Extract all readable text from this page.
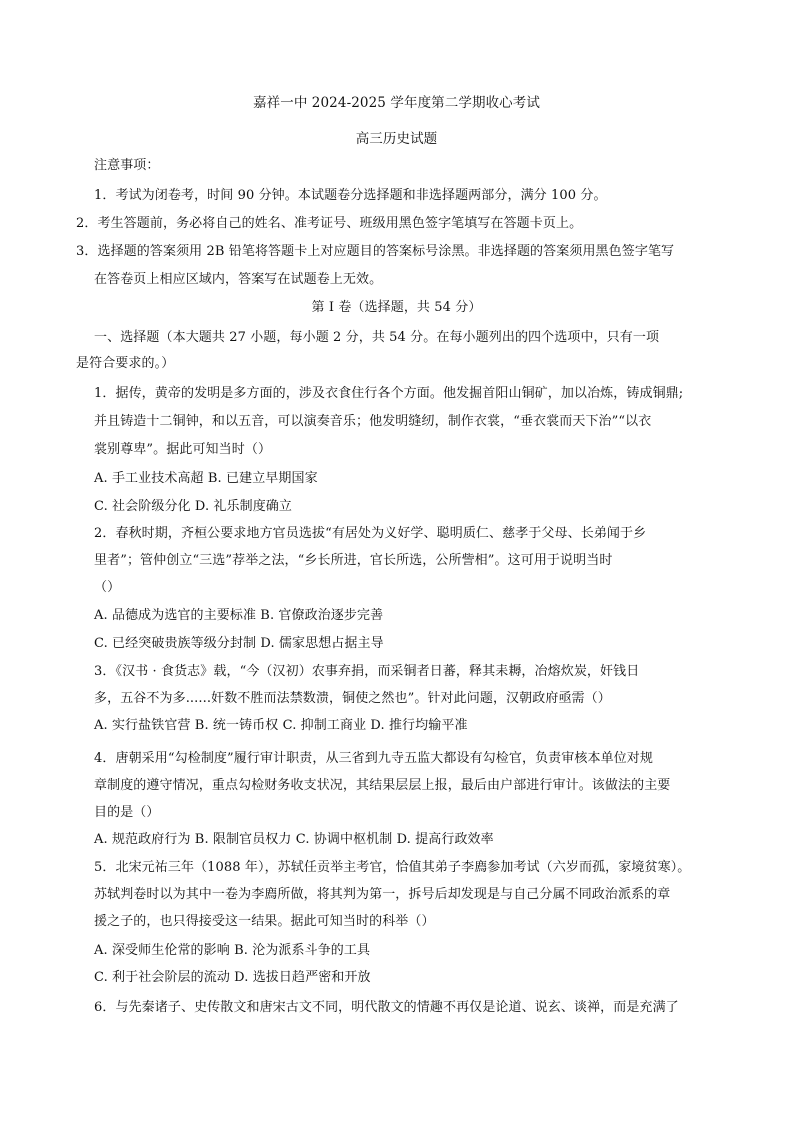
嘉祥一中 2024-2025 学年度第二学期收心考试
高三历史试题
注意事项：
1．考试为闭卷考，时间 90 分钟。本试题卷分选择题和非选择题两部分，满分 100 分。
2．考生答题前，务必将自己的姓名、准考证号、班级用黑色签字笔填写在答题卡页上。
3．选择题的答案须用 2B 铅笔将答题卡上对应题目的答案标号涂黑。非选择题的答案须用黑色签字笔写
在答卷页上相应区域内，答案写在试题卷上无效。
第 I 卷（选择题，共 54 分）
一、选择题（本大题共 27 小题，每小题 2 分，共 54 分。在每小题列出的四个选项中，只有一项
是符合要求的。）
1．据传，黄帝的发明是多方面的，涉及衣食住行各个方面。他发掘首阳山铜矿，加以冶炼，铸成铜鼎;
并且铸造十二铜钟，和以五音，可以演奏音乐；他发明缝纫，制作衣裳，“垂衣裳而天下治”“以衣
裳别尊卑”。据此可知当时（）
A. 手工业技术高超 B. 已建立早期国家
C. 社会阶级分化 D. 礼乐制度确立
2．春秋时期，齐桓公要求地方官员选拔“有居处为义好学、聪明质仁、慈孝于父母、长弟闻于乡
里者”；管仲创立“三选”荐举之法，“乡长所进，官长所选，公所訾相”。这可用于说明当时
（）
A. 品德成为选官的主要标准 B. 官僚政治逐步完善
C. 已经突破贵族等级分封制 D. 儒家思想占据主导
3．《汉书 · 食货志》载，“今（汉初）农事弃捐，而采铜者日蕃，释其耒耨，冶熔炊炭，奸钱日
多，五谷不为多......奸数不胜而法禁数溃，铜使之然也”。针对此问题，汉朝政府亟需（）
A. 实行盐铁官营 B. 统一铸币权 C. 抑制工商业 D. 推行均输平准
4．唐朝采用“勾检制度”履行审计职责，从三省到九寺五监大都设有勾检官，负责审核本单位对规
章制度的遵守情况，重点勾检财务收支状况，其结果层层上报，最后由户部进行审计。该做法的主要
目的是（）
A. 规范政府行为 B. 限制官员权力 C. 协调中枢机制 D. 提高行政效率
5．北宋元祐三年（1088 年），苏轼任贡举主考官，恰值其弟子李廌参加考试（六岁而孤，家境贫寒）。
苏轼判卷时以为其中一卷为李廌所做，将其判为第一，拆号后却发现是与自己分属不同政治派系的章
援之子的，也只得接受这一结果。据此可知当时的科举（）
A. 深受师生伦常的影响 B. 沦为派系斗争的工具
C. 利于社会阶层的流动 D. 选拔日趋严密和开放
6．与先秦诸子、史传散文和唐宋古文不同，明代散文的情趣不再仅是论道、说玄、谈禅，而是充满了
